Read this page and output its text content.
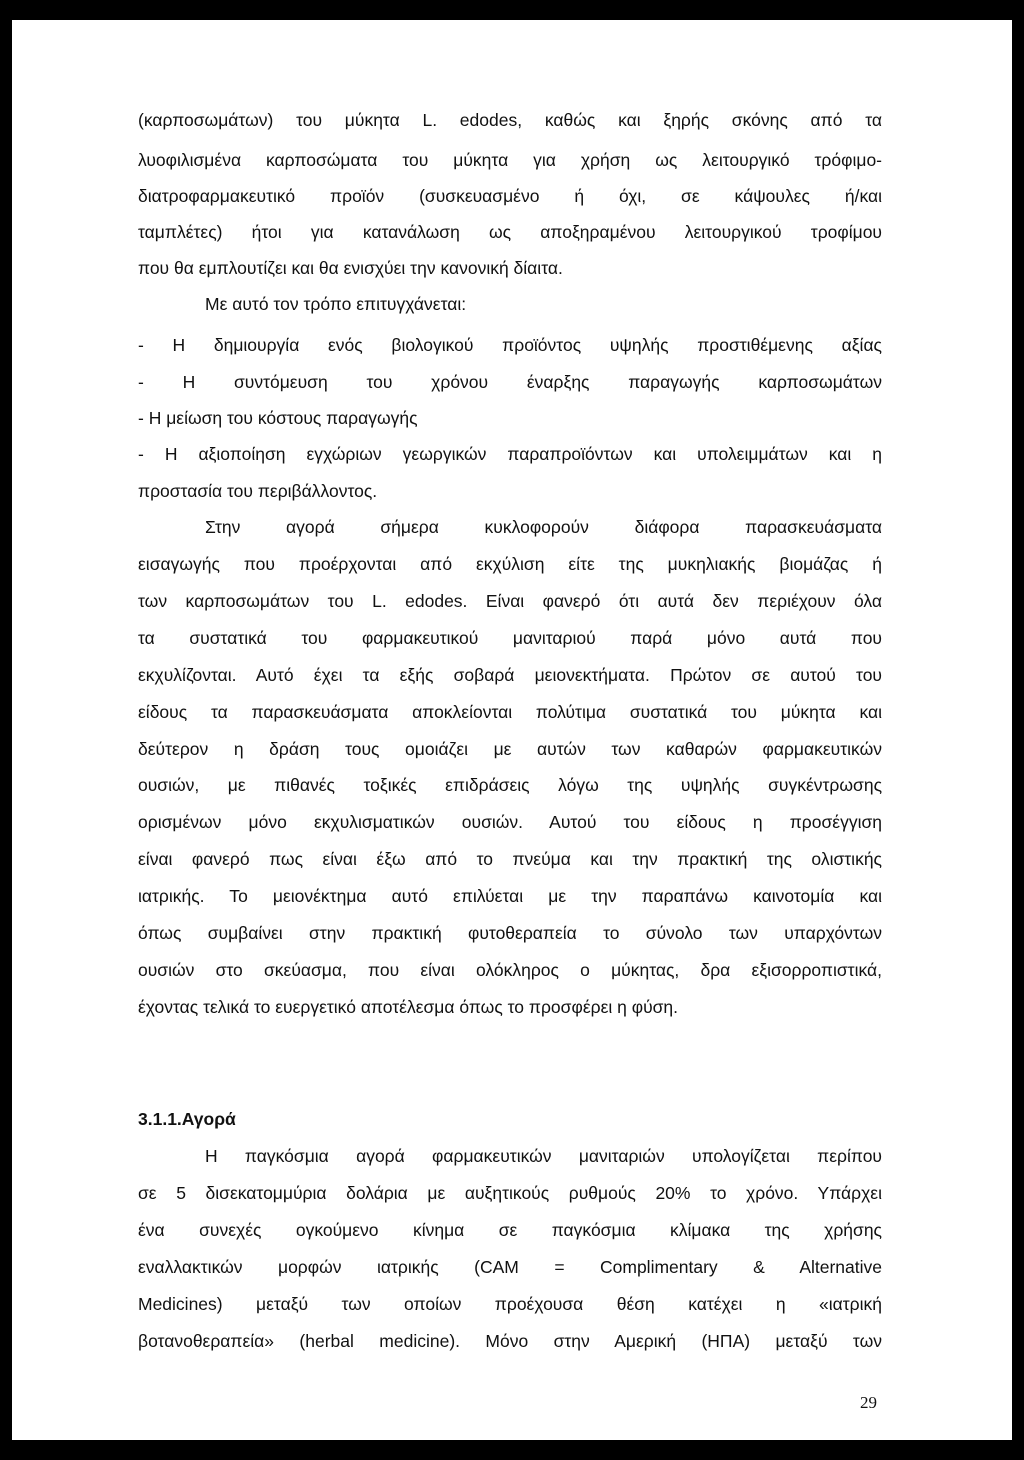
(καρποσωμάτων) του μύκητα L. edodes, καθώς και ξηρής σκόνης από τα
λυοφιλισμένα καρποσώματα του μύκητα για χρήση ως λειτουργικό τρόφιμο-
διατροφαρμακευτικό προϊόν (συσκευασμένο ή όχι, σε κάψουλες ή/και
ταμπλέτες) ήτοι για κατανάλωση ως αποξηραμένου λειτουργικού τροφίμου
που θα εμπλουτίζει και θα ενισχύει την κανονική δίαιτα.
Με αυτό τον τρόπο επιτυγχάνεται:
- Η δημιουργία ενός βιολογικού προϊόντος υψηλής προστιθέμενης αξίας
- Η συντόμευση του χρόνου έναρξης παραγωγής καρποσωμάτων
- Η μείωση του κόστους παραγωγής
- Η αξιοποίηση εγχώριων γεωργικών παραπροϊόντων και υπολειμμάτων και η
προστασία του περιβάλλοντος.
Στην αγορά σήμερα κυκλοφορούν διάφορα παρασκευάσματα
εισαγωγής που προέρχονται από εκχύλιση είτε της μυκηλιακής βιομάζας ή
των καρποσωμάτων του L. edodes. Είναι φανερό ότι αυτά δεν περιέχουν όλα
τα συστατικά του φαρμακευτικού μανιταριού παρά μόνο αυτά που
εκχυλίζονται. Αυτό έχει τα εξής σοβαρά μειονεκτήματα. Πρώτον σε αυτού του
είδους τα παρασκευάσματα αποκλείονται πολύτιμα συστατικά του μύκητα και
δεύτερον η δράση τους ομοιάζει με αυτών των καθαρών φαρμακευτικών
ουσιών, με πιθανές τοξικές επιδράσεις λόγω της υψηλής συγκέντρωσης
ορισμένων μόνο εκχυλισματικών ουσιών. Αυτού του είδους η προσέγγιση
είναι φανερό πως είναι έξω από το πνεύμα και την πρακτική της ολιστικής
ιατρικής. Το μειονέκτημα αυτό επιλύεται με την παραπάνω καινοτομία και
όπως συμβαίνει στην πρακτική φυτοθεραπεία το σύνολο των υπαρχόντων
ουσιών στο σκεύασμα, που είναι ολόκληρος ο μύκητας, δρα εξισορροπιστικά,
έχοντας τελικά το ευεργετικό αποτέλεσμα όπως το προσφέρει η φύση.
3.1.1.Αγορά
Η παγκόσμια αγορά φαρμακευτικών μανιταριών υπολογίζεται περίπου
σε 5 δισεκατομμύρια δολάρια με αυξητικούς ρυθμούς 20% το χρόνο. Υπάρχει
ένα συνεχές ογκούμενο κίνημα σε παγκόσμια κλίμακα της χρήσης
εναλλακτικών μορφών ιατρικής (CAM = Complimentary & Alternative
Medicines) μεταξύ των οποίων προέχουσα θέση κατέχει η «ιατρική
βοτανοθεραπεία» (herbal medicine). Μόνο στην Αμερική (ΗΠΑ) μεταξύ των
29
